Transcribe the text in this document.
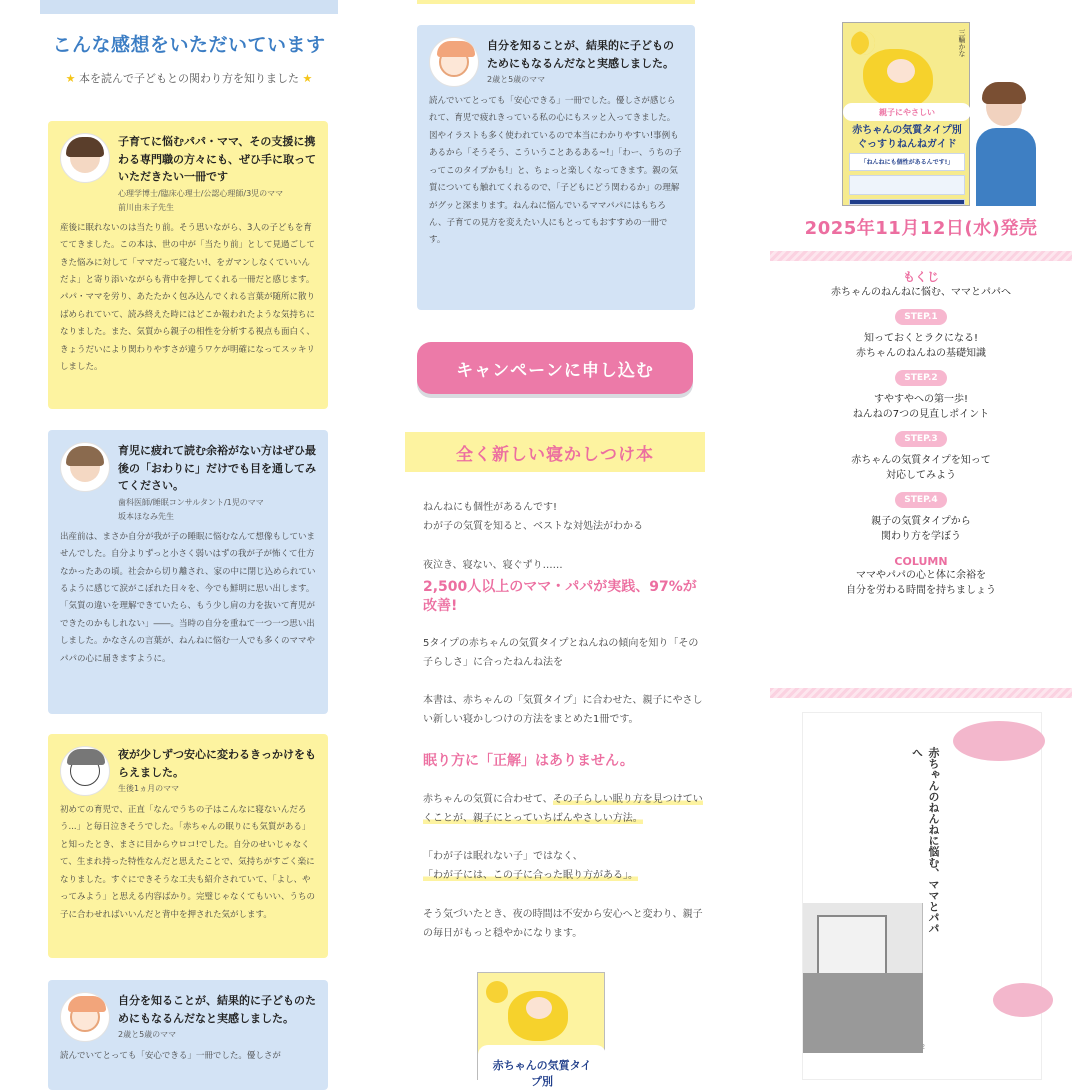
こんな感想をいただいています
★ 本を読んで子どもとの関わり方を知りました ★
子育てに悩むパパ・ママ、その支援に携わる専門職の方々にも、ぜひ手に取っていただきたい一冊です
心理学博士/臨床心理士/公認心理師/3児のママ
前川由未子先生
産後に眠れないのは当たり前。そう思いながら、3人の子どもを育ててきました。この本は、世の中が「当たり前」として見過ごしてきた悩みに対して「ママだって寝たい!、をガマンしなくていいんだよ」と寄り添いながらも背中を押してくれる一冊だと感じます。パパ・ママを労り、あたたかく包み込んでくれる言葉が随所に散りばめられていて、読み終えた時にはどこか報われたような気持ちになりました。また、気質から親子の相性を分析する視点も面白く、きょうだいにより関わりやすさが違うワケが明確になってスッキリしました。
育児に疲れて読む余裕がない方はぜひ最後の「おわりに」だけでも目を通してみてください。
歯科医師/睡眠コンサルタント/1児のママ
坂本ほなみ先生
出産前は、まさか自分が我が子の睡眠に悩むなんて想像もしていませんでした。自分よりずっと小さく弱いはずの我が子が怖くて仕方なかったあの頃。社会から切り離され、家の中に閉じ込められているように感じて涙がこぼれた日々を、今でも鮮明に思い出します。「気質の違いを理解できていたら、もう少し肩の力を抜いて育児ができたのかもしれない」――。当時の自分を重ねて一つ一つ思い出しました。かなさんの言葉が、ねんねに悩む一人でも多くのママやパパの心に届きますように。
夜が少しずつ安心に変わるきっかけをもらえました。
生後1ヵ月のママ
初めての育児で、正直「なんでうちの子はこんなに寝ないんだろう...」と毎日泣きそうでした。「赤ちゃんの眠りにも気質がある」と知ったとき、まさに目からウロコ!でした。自分のせいじゃなくて、生まれ持った特性なんだと思えたことで、気持ちがすごく楽になりました。すぐにできそうな工夫も紹介されていて、「よし、やってみよう」と思える内容ばかり。完璧じゃなくてもいい、うちの子に合わせればいいんだと背中を押された気がします。
自分を知ることが、結果的に子どものためにもなるんだなと実感しました。
2歳と5歳のママ
読んでいてとっても「安心できる」一冊でした。優しさが
自分を知ることが、結果的に子どものためにもなるんだなと実感しました。
2歳と5歳のママ
読んでいてとっても「安心できる」一冊でした。優しさが感じられて、育児で疲れきっている私の心にもスッと入ってきました。図やイラストも多く使われているので本当にわかりやすい!事例もあるから「そうそう、こういうことあるある~!」「わー、うちの子ってこのタイプかも!」と、ちょっと楽しくなってきます。親の気質についても触れてくれるので、「子どもにどう関わるか」の理解がグッと深まります。ねんねに悩んでいるママパパにはもちろん、子育ての見方を変えたい人にもとってもおすすめの一冊です。
キャンペーンに申し込む
全く新しい寝かしつけ本
ねんねにも個性があるんです!
わが子の気質を知ると、ベストな対処法がわかる
夜泣き、寝ない、寝ぐずり……
2,500人以上のママ・パパが実践、97%が改善!
5タイプの赤ちゃんの気質タイプとねんねの傾向を知り「その子らしさ」に合ったねんね法を
本書は、赤ちゃんの「気質タイプ」に合わせた、親子にやさしい新しい寝かしつけの方法をまとめた1冊です。
眠り方に「正解」はありません。
赤ちゃんの気質に合わせて、その子らしい眠り方を見つけていくことが、親子にとっていちばんやさしい方法。
「わが子は眠れない子」ではなく、
「わが子には、この子に合った眠り方がある」。
そう気づいたとき、夜の時間は不安から安心へと変わり、親子の毎日がもっと穏やかになります。
赤ちゃんの気質タイプ別
三輪かな
親子にやさしい
赤ちゃんの気質タイプ別
ぐっすりねんねガイド
「ねんねにも個性があるんです!」
2025年11月12日(水)発売
もくじ
赤ちゃんのねんねに悩む、ママとパパへ
STEP.1
知っておくとラクになる!
赤ちゃんのねんねの基礎知識
STEP.2
すやすやへの第一歩!
ねんねの7つの見直しポイント
STEP.3
赤ちゃんの気質タイプを知って
対応してみよう
STEP.4
親子の気質タイプから
関わり方を学ぼう
COLUMN
ママやパパの心と体に余裕を
自分を労わる時間を持ちましょう
赤ちゃんのねんねに悩む、ママとパパへ
2
